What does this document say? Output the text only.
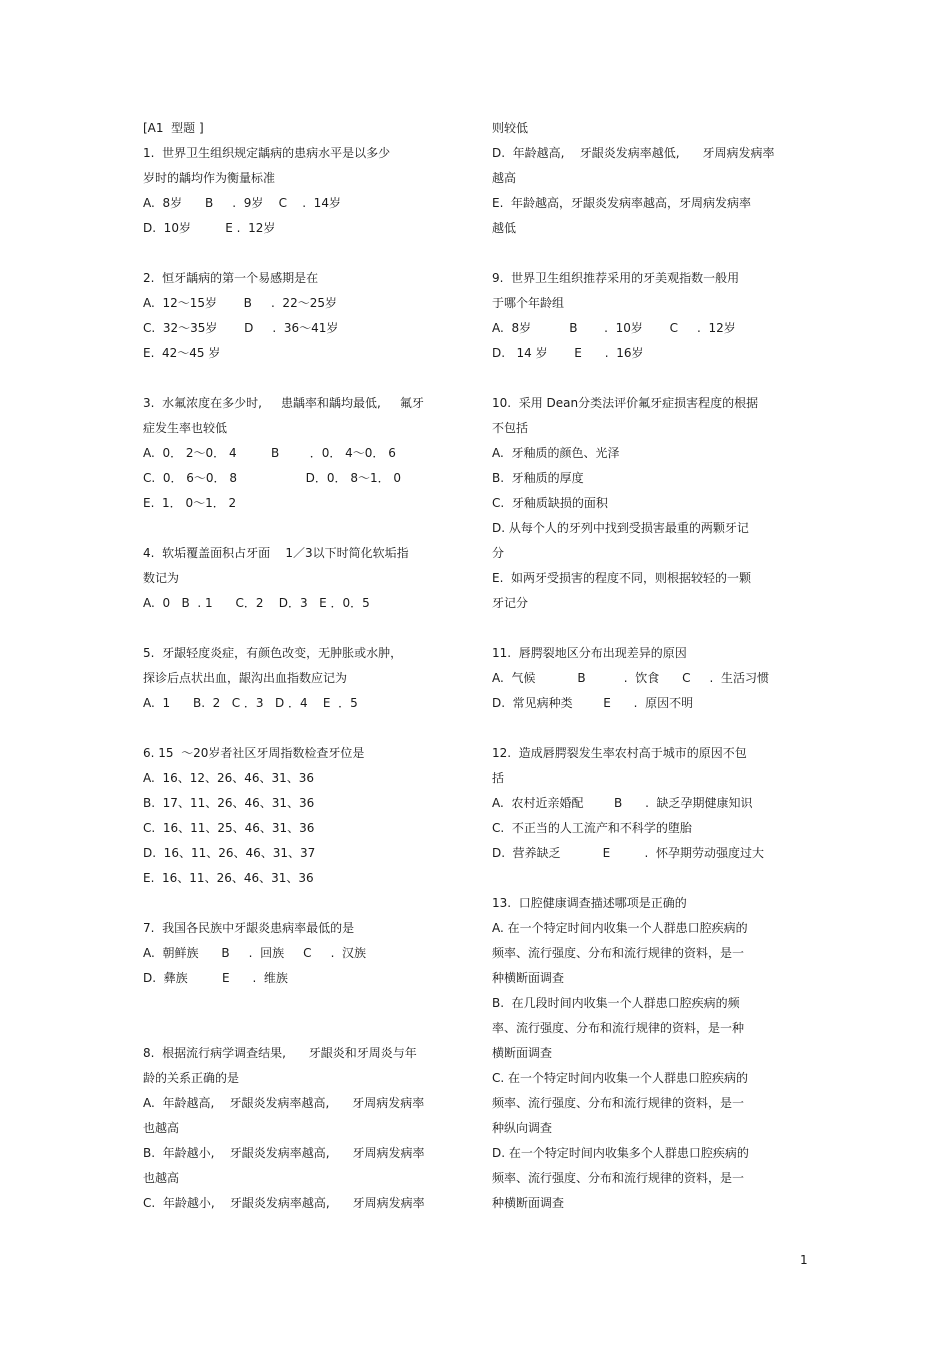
[A1  型题 ]
1.  世界卫生组织规定龋病的患病水平是以多少
岁时的龋均作为衡量标准
A.  8岁      B     .  9岁    C    .  14岁
D.  10岁         E .  12岁
2.  恒牙龋病的第一个易感期是在
A.  12～15岁       B     .  22～25岁
C.  32～35岁       D     .  36～41岁
E.  42～45 岁
3.  水氟浓度在多少时,     患龋率和龋均最低,     氟牙
症发生率也较低
A.  0． 2～0． 4         B        ．0． 4～0． 6
C.  0． 6～0． 8                  D．0． 8～1． 0
E.  1． 0～1． 2
4.  软垢覆盖面积占牙面    1／3以下时简化软垢指
数记为
A.  0   B  . 1      C．2    D．3   E ．0．5
5.  牙龈轻度炎症，有颜色改变，无肿胀或水肿，
探诊后点状出血，龈沟出血指数应记为
A.  1      B.  2   C ．3   D ．4    E  ．5
6. 15  ～20岁者社区牙周指数检查牙位是
A.  16、12、26、46、31、36
B.  17、11、26、46、31、36
C.  16、11、25、46、31、36
D.  16、11、26、46、31、37
E.  16、11、26、46、31、36
7.  我国各民族中牙龈炎患病率最低的是
A.  朝鲜族      B     .  回族     C     .  汉族
D.  彝族         E      .  维族
8.  根据流行病学调查结果,      牙龈炎和牙周炎与年
龄的关系正确的是
A.  年龄越高,    牙龈炎发病率越高,      牙周病发病率
也越高
B.  年龄越小,    牙龈炎发病率越高,      牙周病发病率
也越高
C.  年龄越小,    牙龈炎发病率越高,      牙周病发病率
则较低
D.  年龄越高,    牙龈炎发病率越低,      牙周病发病率
越高
E.  年龄越高，牙龈炎发病率越高，牙周病发病率
越低
9.  世界卫生组织推荐采用的牙美观指数一般用
于哪个年龄组
A.  8岁          B       .  10岁       C     .  12岁
D.   14 岁       E      .  16岁
10.  采用 Dean分类法评价氟牙症损害程度的根据
不包括
A.  牙釉质的颜色、光泽
B.  牙釉质的厚度
C.  牙釉质缺损的面积
D. 从每个人的牙列中找到受损害最重的两颗牙记
分
E.  如两牙受损害的程度不同，则根据较轻的一颗
牙记分
11.  唇腭裂地区分布出现差异的原因
A.  气候           B          .  饮食      C     .  生活习惯
D.  常见病种类        E      .  原因不明
12.  造成唇腭裂发生率农村高于城市的原因不包
括
A.  农村近亲婚配        B      .  缺乏孕期健康知识
C.  不正当的人工流产和不科学的堕胎
D.  营养缺乏           E         .  怀孕期劳动强度过大
13.  口腔健康调查描述哪项是正确的
A. 在一个特定时间内收集一个人群患口腔疾病的
频率、流行强度、分布和流行规律的资料，是一
种横断面调查
B.  在几段时间内收集一个人群患口腔疾病的频
率、流行强度、分布和流行规律的资料，是一种
横断面调查
C. 在一个特定时间内收集一个人群患口腔疾病的
频率、流行强度、分布和流行规律的资料，是一
种纵向调查
D. 在一个特定时间内收集多个人群患口腔疾病的
频率、流行强度、分布和流行规律的资料，是一
种横断面调查
1
